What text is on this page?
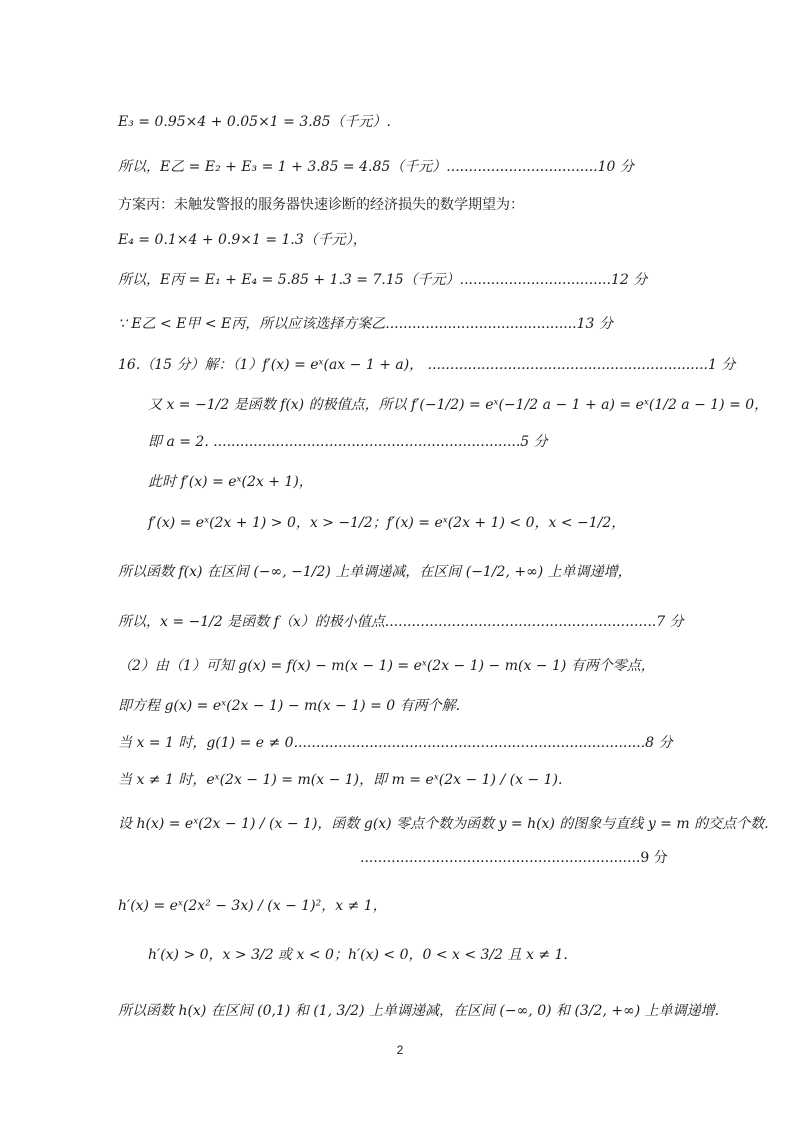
E₃ = 0.95×4 + 0.05×1 = 3.85（千元）.
所以，E乙 = E₂ + E₃ = 1 + 3.85 = 4.85（千元）..................................10 分
方案丙：未触发警报的服务器快速诊断的经济损失的数学期望为：
E₄ = 0.1×4 + 0.9×1 = 1.3（千元），
所以，E丙 = E₁ + E₄ = 5.85 + 1.3 = 7.15（千元）..................................12 分
∵ E乙 < E甲 < E丙，所以应该选择方案乙...........................................13 分
16.（15 分）解：（1）f′(x) = eˣ(ax − 1 + a)， ...............................................................1 分
又 x = −1/2 是函数 f(x) 的极值点，所以 f′(−1/2) = eˣ(−1/2 a − 1 + a) = eˣ(1/2 a − 1) = 0，
即 a = 2. .....................................................................5 分
此时 f′(x) = eˣ(2x + 1)，
f′(x) = eˣ(2x + 1) > 0，x > −1/2；f′(x) = eˣ(2x + 1) < 0，x < −1/2，
所以函数 f(x) 在区间 (−∞, −1/2) 上单调递减，在区间 (−1/2, +∞) 上单调递增，
所以，x = −1/2 是函数 f（x）的极小值点.............................................................7 分
（2）由（1）可知 g(x) = f(x) − m(x − 1) = eˣ(2x − 1) − m(x − 1) 有两个零点，
即方程 g(x) = eˣ(2x − 1) − m(x − 1) = 0 有两个解.
当 x = 1 时，g(1) = e ≠ 0...............................................................................8 分
当 x ≠ 1 时，eˣ(2x − 1) = m(x − 1)，即 m = eˣ(2x − 1) / (x − 1).
设 h(x) = eˣ(2x − 1) / (x − 1)，函数 g(x) 零点个数为函数 y = h(x) 的图象与直线 y = m 的交点个数.
...............................................................9 分
h′(x) = eˣ(2x² − 3x) / (x − 1)²，x ≠ 1，
h′(x) > 0，x > 3/2 或 x < 0；h′(x) < 0，0 < x < 3/2 且 x ≠ 1.
所以函数 h(x) 在区间 (0,1) 和 (1, 3/2) 上单调递减，在区间 (−∞, 0) 和 (3/2, +∞) 上单调递增.
2
